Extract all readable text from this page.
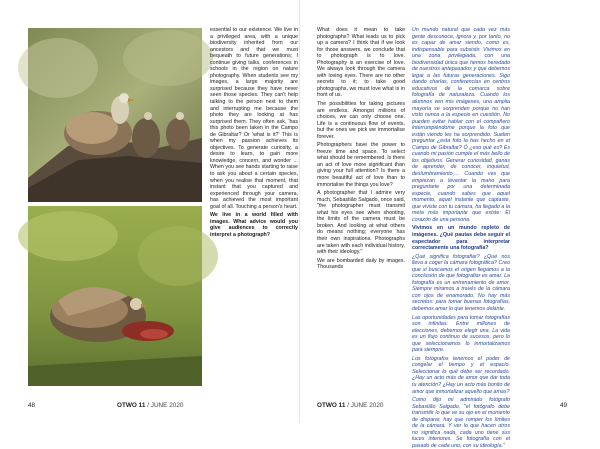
essential to our existence. We live in a privileged area, with a unique biodiversity inherited from our ancestors and that we must bequeath to future generations; I continue giving talks, conferences in schools in the region on nature photography. When students see my images, a large majority are surprised because they have never seen those species. They can't help talking to the person next to them and interrupting me because the photo they are looking at has surprised them. They often ask, 'has this photo been taken in the Campo de Gibraltar? Or 'what is it?' This is when my passion achieves its objectives. To generate curiosity, a desire to learn, to gain more knowledge, concern, and wonder ... When you see hands starting to raise to ask you about a certain species, when you realise that moment, that instant that you captured and experienced through your camera, has achieved the most important goal of all. Touching a person's heart.

We live in a world filled with images. What advice would you give audiences to correctly interpret a photograph?

48	OTWO 11 / JUNE 2020

What does it mean to take photographs? What leads us to pick up a camera? I think that if we look for those answers, we conclude that to photograph is to love. Photography is an exercise of love. We always look through the camera with loving eyes. There are no other secrets to it; to take good photographs, we must love what is in front of us.

The possibilities for taking pictures are endless. Amongst millions of choices, we can only choose one. Life is a continuous flow of events, but the ones we pick we immortalise forever.

Photographers have the power to freeze time and space. To select what should be remembered. Is there an act of love more significant than giving your full attention? Is there a more beautiful act of love than to immortalise the things you love?

A photographer that I admire very much, Sebastião Salgado, once said, "the photographer must transmit what his eyes see when shooting, the limits of the camera must be broken. And looking at what others do means nothing; everyone has their own inspirations. Photographs are taken with each individual history, with their ideology."

We are bombarded daily by images. Thousands

Un mundo natural que cada vez más gente desconoce, ignora y, por tanto, no es capaz de amar siendo, como es, indispensable para subsistir. Vivimos en una zona privilegiada, con una biodiversidad única que hemos heredado de nuestros antepasados y que debemos legar a las futuras generaciones. Sigo dando charlas, conferencias en centros educativos de la comarca sobre fotografía de naturaleza. Cuando los alumnos ven mis imágenes, una amplia mayoría se sorprenden porque no han visto nunca a la especie en cuestión. No pueden evitar hablar con el compañero interrumpiéndome porque la foto que están viendo les ha sorprendido. Suelen preguntar ¿esta foto la has hecho en el Campo de Gibraltar? Ó ¿eso qué es? Es cuando mi pasión cumple el más bello de los objetivos. Generar curiosidad, ganas de aprender, de conocer, inquietud, deslumbramiento,… Cuando ves que empiezan a levantar la mano para preguntarte por una determinada especie, cuando sabes que aquel momento, aquel instante que captaste, que viviste con tu cámara, ha llegado a la meta más importante que existe: El corazón de una persona.

Vivimos en un mundo repleto de imágenes. ¿Qué pautas debe seguir el espectador para interpretar correctamente una fotografía?

¿Qué significa fotografiar? ¿Qué nos lleva a coger la cámara fotográfica? Creo que si buscamos el origen llegamos a la conclusión de que fotografiar es amar. La fotografía es un entrenamiento de amor. Siempre miramos a través de la cámara con ojos de enamorado. No hay más secretos: para tomar buenas fotografías, debemos amar lo que tenemos delante.

Las oportunidades para tomar fotografías son infinitas. Entre millones de elecciones, debemos elegir una. La vida es un flujo continuo de sucesos, pero lo que seleccionamos lo inmortalizamos para siempre.

Los fotógrafos tenemos el poder de congelar el tiempo y el espacio. Seleccionar lo qué debe ser recordado. ¿Hay un acto más de amor que dar toda tu atención? ¿Hay un acto más bonito de amor que inmortalizar aquello que amas?

Como dijo mi admirado fotógrafo Sebastião Salgado, "el fotógrafo debe transmitir lo que ve su ojo en el momento de disparar, hay que romper los límites de la cámara. Y ver lo que hacen otros no significa nada, cada uno tiene sus luces interiores. Se fotografía con el pasado de cada uno, con su ideología."

OTWO 11 / JUNE 2020	49
